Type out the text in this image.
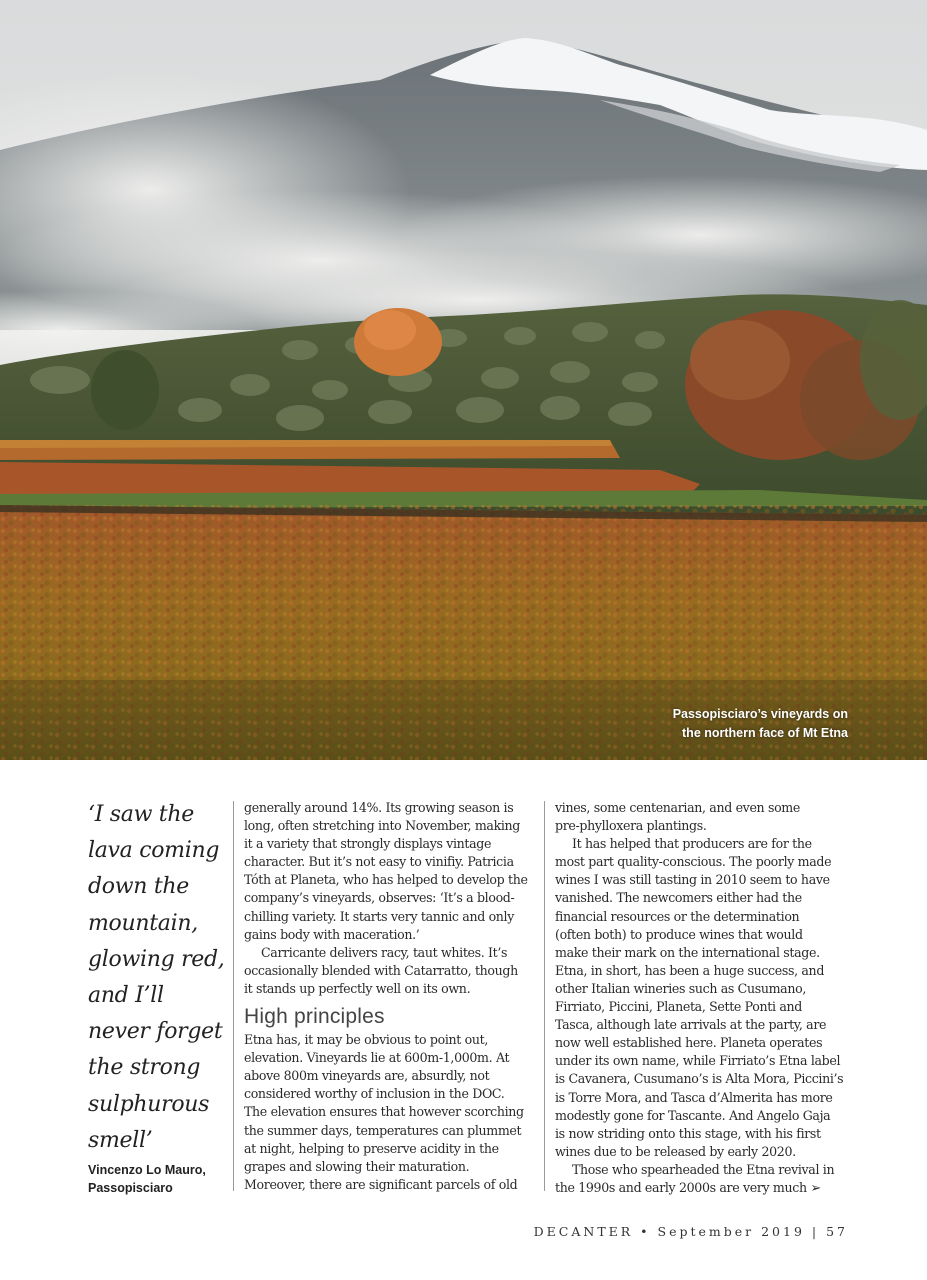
Passopisciaro’s vineyards on
the northern face of Mt Etna

‘I saw the lava coming down the mountain, glowing red, and I’ll never forget the strong sulphurous smell’

Vincenzo Lo Mauro,
Passopisciaro

generally around 14%. Its growing season is

long, often stretching into November, making

it a variety that strongly displays vintage

character. But it’s not easy to vinifiy. Patricia

Tóth at Planeta, who has helped to develop the

company’s vineyards, observes: ‘It’s a blood-

chilling variety. It starts very tannic and only

gains body with maceration.’

Carricante delivers racy, taut whites. It’s

occasionally blended with Catarratto, though

it stands up perfectly well on its own.

High principles

Etna has, it may be obvious to point out,

elevation. Vineyards lie at 600m-1,000m. At

above 800m vineyards are, absurdly, not

considered worthy of inclusion in the DOC.

The elevation ensures that however scorching

the summer days, temperatures can plummet

at night, helping to preserve acidity in the

grapes and slowing their maturation.

Moreover, there are significant parcels of old

vines, some centenarian, and even some

pre-phylloxera plantings.

It has helped that producers are for the

most part quality-conscious. The poorly made

wines I was still tasting in 2010 seem to have

vanished. The newcomers either had the

financial resources or the determination

(often both) to produce wines that would

make their mark on the international stage.

Etna, in short, has been a huge success, and

other Italian wineries such as Cusumano,

Firriato, Piccini, Planeta, Sette Ponti and

Tasca, although late arrivals at the party, are

now well established here. Planeta operates

under its own name, while Firriato’s Etna label

is Cavanera, Cusumano’s is Alta Mora, Piccini’s

is Torre Mora, and Tasca d’Almerita has more

modestly gone for Tascante. And Angelo Gaja

is now striding onto this stage, with his first

wines due to be released by early 2020.

Those who spearheaded the Etna revival in

the 1990s and early 2000s are very much ➢

DECANTER • September 2019 | 57
